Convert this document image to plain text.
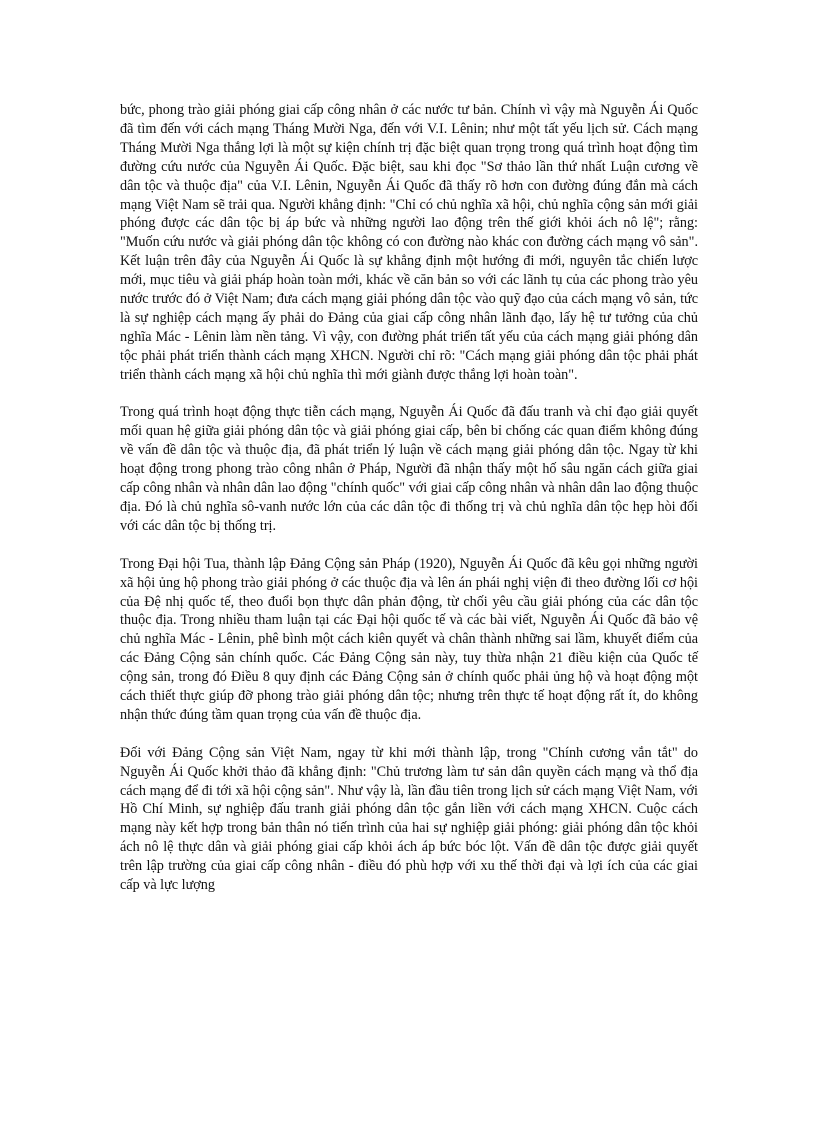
bức, phong trào giải phóng giai cấp công nhân ở các nước tư bản. Chính vì vậy mà Nguyễn Ái Quốc đã tìm đến với cách mạng Tháng Mười Nga, đến với V.I. Lênin; như một tất yếu lịch sử. Cách mạng Tháng Mười Nga thắng lợi là một sự kiện chính trị đặc biệt quan trọng trong quá trình hoạt động tìm đường cứu nước của Nguyễn Ái Quốc. Đặc biệt, sau khi đọc "Sơ thảo lần thứ nhất Luận cương về dân tộc và thuộc địa" của V.I. Lênin, Nguyễn Ái Quốc đã thấy rõ hơn con đường đúng đắn mà cách mạng Việt Nam sẽ trải qua. Người khẳng định: "Chỉ có chủ nghĩa xã hội, chủ nghĩa cộng sản mới giải phóng được các dân tộc bị áp bức và những người lao động trên thế giới khỏi ách nô lệ"; rằng: "Muốn cứu nước và giải phóng dân tộc không có con đường nào khác con đường cách mạng vô sản". Kết luận trên đây của Nguyễn Ái Quốc là sự khẳng định một hướng đi mới, nguyên tắc chiến lược mới, mục tiêu và giải pháp hoàn toàn mới, khác về căn bản so với các lãnh tụ của các phong trào yêu nước trước đó ở Việt Nam; đưa cách mạng giải phóng dân tộc vào quỹ đạo của cách mạng vô sản, tức là sự nghiệp cách mạng ấy phải do Đảng của giai cấp công nhân lãnh đạo, lấy hệ tư tưởng của chủ nghĩa Mác - Lênin làm nền tảng. Vì vậy, con đường phát triển tất yếu của cách mạng giải phóng dân tộc phải phát triển thành cách mạng XHCN. Người chỉ rõ: "Cách mạng giải phóng dân tộc phải phát triển thành cách mạng xã hội chủ nghĩa thì mới giành được thắng lợi hoàn toàn".

Trong quá trình hoạt động thực tiễn cách mạng, Nguyễn Ái Quốc đã đấu tranh và chỉ đạo giải quyết mối quan hệ giữa giải phóng dân tộc và giải phóng giai cấp, bên bỉ chống các quan điểm không đúng về vấn đề dân tộc và thuộc địa, đã phát triển lý luận về cách mạng giải phóng dân tộc. Ngay từ khi hoạt động trong phong trào công nhân ở Pháp, Người đã nhận thấy một hố sâu ngăn cách giữa giai cấp công nhân và nhân dân lao động "chính quốc" với giai cấp công nhân và nhân dân lao động thuộc địa. Đó là chủ nghĩa sô-vanh nước lớn của các dân tộc đi thống trị và chủ nghĩa dân tộc hẹp hòi đối với các dân tộc bị thống trị.

Trong Đại hội Tua, thành lập Đảng Cộng sản Pháp (1920), Nguyễn Ái Quốc đã kêu gọi những người xã hội ủng hộ phong trào giải phóng ở các thuộc địa và lên án phái nghị viện đi theo đường lối cơ hội của Đệ nhị quốc tế, theo đuổi bọn thực dân phản động, từ chối yêu cầu giải phóng của các dân tộc thuộc địa. Trong nhiều tham luận tại các Đại hội quốc tế và các bài viết, Nguyễn Ái Quốc đã bảo vệ chủ nghĩa Mác - Lênin, phê bình một cách kiên quyết và chân thành những sai lầm, khuyết điểm của các Đảng Cộng sản chính quốc. Các Đảng Cộng sản này, tuy thừa nhận 21 điều kiện của Quốc tế cộng sản, trong đó Điều 8 quy định các Đảng Cộng sản ở chính quốc phải ủng hộ và hoạt động một cách thiết thực giúp đỡ phong trào giải phóng dân tộc; nhưng trên thực tế hoạt động rất ít, do không nhận thức đúng tầm quan trọng của vấn đề thuộc địa.

Đối với Đảng Cộng sản Việt Nam, ngay từ khi mới thành lập, trong "Chính cương vắn tắt" do Nguyễn Ái Quốc khởi thảo đã khẳng định: "Chủ trương làm tư sản dân quyền cách mạng và thổ địa cách mạng để đi tới xã hội cộng sản". Như vậy là, lần đầu tiên trong lịch sử cách mạng Việt Nam, với Hồ Chí Minh, sự nghiệp đấu tranh giải phóng dân tộc gắn liền với cách mạng XHCN. Cuộc cách mạng này kết hợp trong bản thân nó tiến trình của hai sự nghiệp giải phóng: giải phóng dân tộc khỏi ách nô lệ thực dân và giải phóng giai cấp khỏi ách áp bức bóc lột. Vấn đề dân tộc được giải quyết trên lập trường của giai cấp công nhân - điều đó phù hợp với xu thế thời đại và lợi ích của các giai cấp và lực lượng
